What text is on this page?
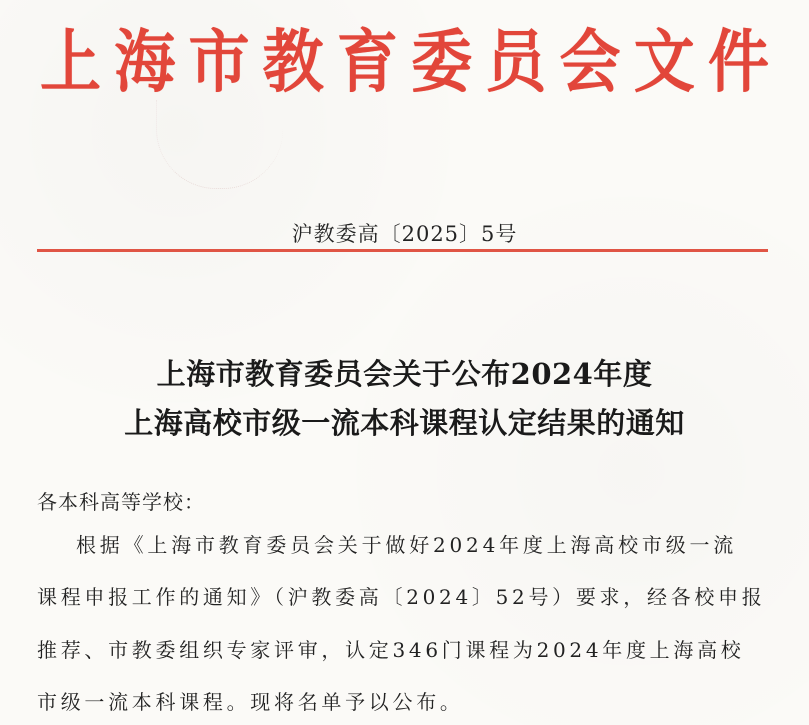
上 海 市 教 育 委 员 会 文 件
沪教委高〔2025〕5号
上海市教育委员会关于公布2024年度
上海高校市级一流本科课程认定结果的通知
各本科高等学校：
根据《上海市教育委员会关于做好2024年度上海高校市级一流
课程申报工作的通知》（沪教委高〔2024〕52号）要求，经各校申报
推荐、市教委组织专家评审，认定346门课程为2024年度上海高校
市级一流本科课程。现将名单予以公布。
